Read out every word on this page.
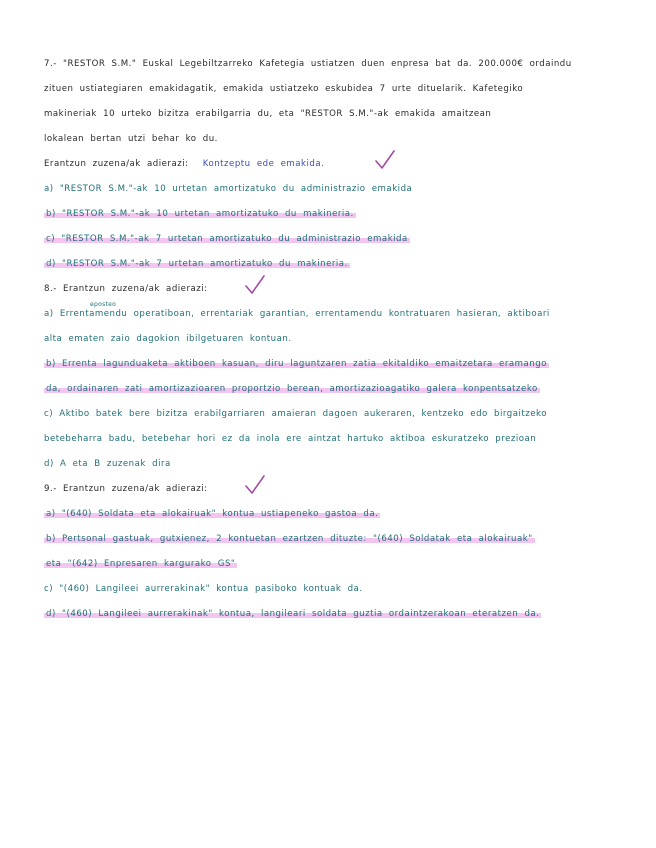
7.- "RESTOR S.M." Euskal Legebiltzarreko Kafetegia ustiatzen duen enpresa bat da. 200.000€ ordaindu
zituen ustiategiaren emakidagatik, emakida ustiatzeko eskubidea 7 urte dituelarik. Kafetegiko
makineriak 10 urteko bizitza erabilgarria du, eta "RESTOR S.M."-ak emakida amaitzean
lokalean bertan utzi behar ko du.
Erantzun zuzena/ak adierazi: Kontzeptu ede emakida.
a) "RESTOR S.M."-ak 10 urtetan amortizatuko du administrazio emakida
b) "RESTOR S.M."-ak 10 urtetan amortizatuko du makineria.
c) "RESTOR S.M."-ak 7 urtetan amortizatuko du administrazio emakida
d) "RESTOR S.M."-ak 7 urtetan amortizatuko du makineria.
8.- Erantzun zuzena/ak adierazi:
eposteo
a) Errentamendu operatiboan, errentariak garantian, errentamendu kontratuaren hasieran, aktiboari
alta ematen zaio dagokion ibilgetuaren kontuan.
b) Errenta lagunduaketa aktiboen kasuan, diru laguntzaren zatia ekitaldiko emaitzetara eramango
da, ordainaren zati amortizazioaren proportzio berean, amortizazioagatiko galera konpentsatzeko
c) Aktibo batek bere bizitza erabilgarriaren amaieran dagoen aukeraren, kentzeko edo birgaitzeko
betebeharra badu, betebehar hori ez da inola ere aintzat hartuko aktiboa eskuratzeko prezioan
d) A eta B zuzenak dira
9.- Erantzun zuzena/ak adierazi:
a) "(640) Soldata eta alokairuak" kontua ustiapeneko gastoa da.
b) Pertsonal gastuak, gutxienez, 2 kontuetan ezartzen dituzte: "(640) Soldatak eta alokairuak"
eta "(642) Enpresaren kargurako GS"
c) "(460) Langileei aurrerakinak" kontua pasiboko kontuak da.
d) "(460) Langileei aurrerakinak" kontua, langileari soldata guztia ordaintzerakoan eteratzen da.
